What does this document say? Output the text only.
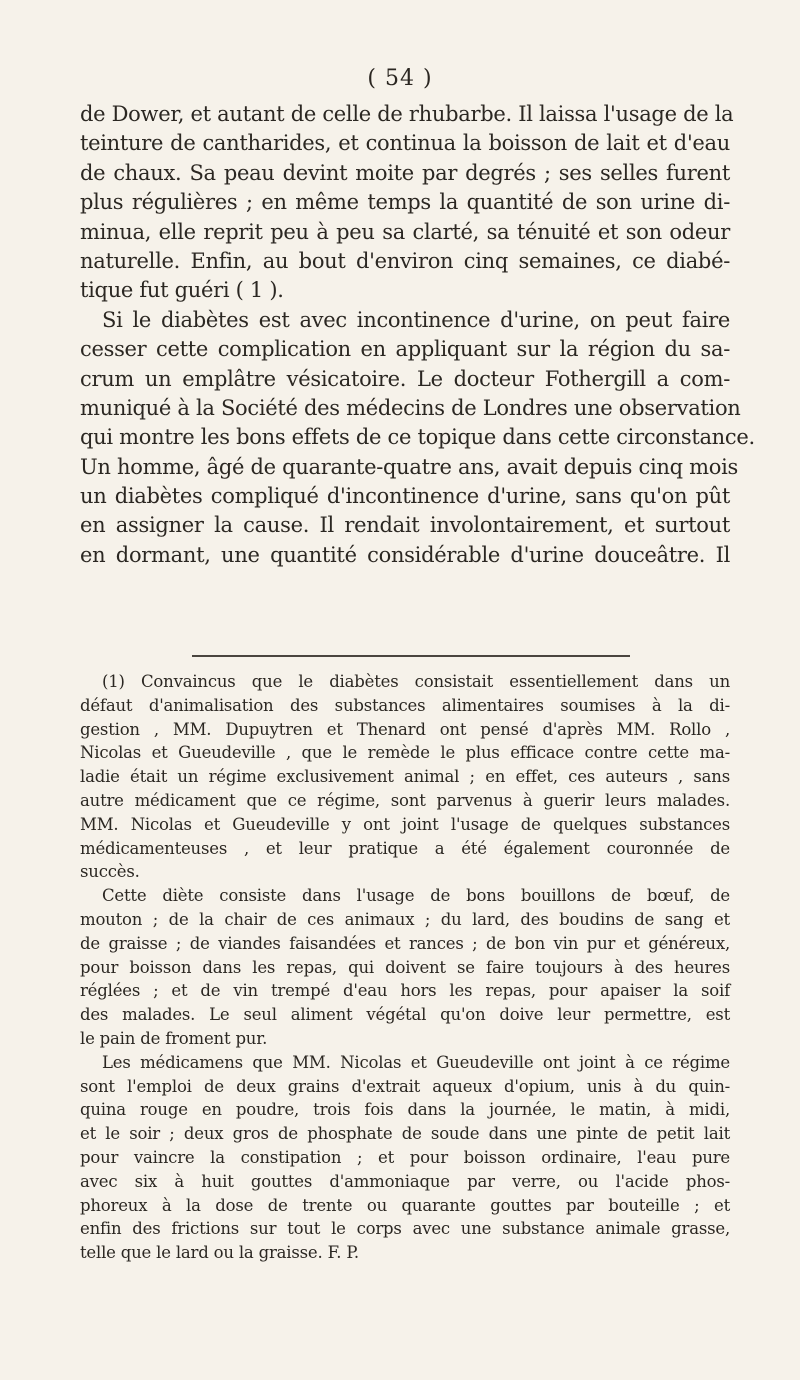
( 54 )
de Dower, et autant de celle de rhubarbe. Il laissa l'usage de la
teinture de cantharides, et continua la boisson de lait et d'eau
de chaux. Sa peau devint moite par degrés ; ses selles furent
plus régulières ; en même temps la quantité de son urine di-
minua, elle reprit peu à peu sa clarté, sa ténuité et son odeur
naturelle. Enfin, au bout d'environ cinq semaines, ce diabé-
tique fut guéri ( 1 ).
Si le diabètes est avec incontinence d'urine, on peut faire
cesser cette complication en appliquant sur la région du sa-
crum un emplâtre vésicatoire. Le docteur Fothergill a com-
muniqué à la Société des médecins de Londres une observation
qui montre les bons effets de ce topique dans cette circonstance.
Un homme, âgé de quarante-quatre ans, avait depuis cinq mois
un diabètes compliqué d'incontinence d'urine, sans qu'on pût
en assigner la cause. Il rendait involontairement, et surtout
en dormant, une quantité considérable d'urine douceâtre. Il
(1) Convaincus que le diabètes consistait essentiellement dans un
défaut d'animalisation des substances alimentaires soumises à la di-
gestion , MM. Dupuytren et Thenard ont pensé d'après MM. Rollo ,
Nicolas et Gueudeville , que le remède le plus efficace contre cette ma-
ladie était un régime exclusivement animal ; en effet, ces auteurs , sans
autre médicament que ce régime, sont parvenus à guerir leurs malades.
MM. Nicolas et Gueudeville y ont joint l'usage de quelques substances
médicamenteuses , et leur pratique a été également couronnée de
succès.
Cette diète consiste dans l'usage de bons bouillons de bœuf, de
mouton ; de la chair de ces animaux ; du lard, des boudins de sang et
de graisse ; de viandes faisandées et rances ; de bon vin pur et généreux,
pour boisson dans les repas, qui doivent se faire toujours à des heures
réglées ; et de vin trempé d'eau hors les repas, pour apaiser la soif
des malades. Le seul aliment végétal qu'on doive leur permettre, est
le pain de froment pur.
Les médicamens que MM. Nicolas et Gueudeville ont joint à ce régime
sont l'emploi de deux grains d'extrait aqueux d'opium, unis à du quin-
quina rouge en poudre, trois fois dans la journée, le matin, à midi,
et le soir ; deux gros de phosphate de soude dans une pinte de petit lait
pour vaincre la constipation ; et pour boisson ordinaire, l'eau pure
avec six à huit gouttes d'ammoniaque par verre, ou l'acide phos-
phoreux à la dose de trente ou quarante gouttes par bouteille ; et
enfin des frictions sur tout le corps avec une substance animale grasse,
telle que le lard ou la graisse. F. P.
